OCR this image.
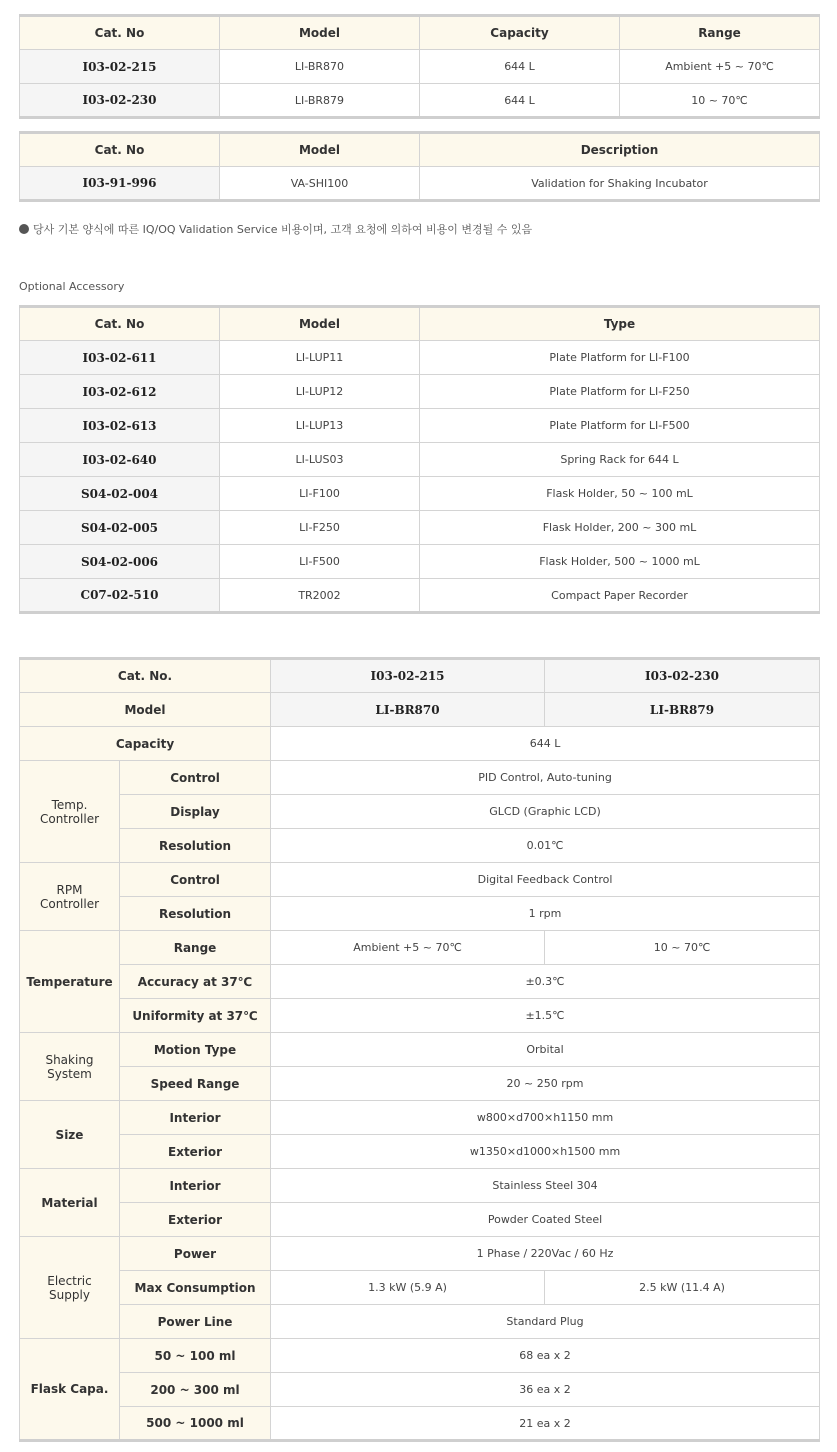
Cat. No	Model	Capacity	Range
I03-02-215	LI-BR870	644 L	Ambient +5 ~ 70℃
I03-02-230	LI-BR879	644 L	10 ~ 70℃
Cat. No	Model	Description
I03-91-996	VA-SHI100	Validation for Shaking Incubator
당사 기본 양식에 따른 IQ/OQ Validation Service 비용이며, 고객 요청에 의하여 비용이 변경될 수 있음
Optional Accessory
Cat. No	Model	Type
I03-02-611	LI-LUP11	Plate Platform for LI-F100
I03-02-612	LI-LUP12	Plate Platform for LI-F250
I03-02-613	LI-LUP13	Plate Platform for LI-F500
I03-02-640	LI-LUS03	Spring Rack for 644 L
S04-02-004	LI-F100	Flask Holder, 50 ~ 100 mL
S04-02-005	LI-F250	Flask Holder, 200 ~ 300 mL
S04-02-006	LI-F500	Flask Holder, 500 ~ 1000 mL
C07-02-510	TR2002	Compact Paper Recorder
Cat. No.		I03-02-215	I03-02-230
Model		LI-BR870	LI-BR879
Capacity		644 L	
Temp.
Controller	Control	PID Control, Auto-tuning	
	Display	GLCD (Graphic LCD)	
	Resolution	0.01℃	
RPM
Controller	Control	Digital Feedback Control	
	Resolution	1 rpm	
Temperature	Range	Ambient +5 ~ 70℃	10 ~ 70℃
	Accuracy at 37℃	±0.3℃	
	Uniformity at 37℃	±1.5℃	
Shaking
System	Motion Type	Orbital	
	Speed Range	20 ~ 250 rpm	
Size	Interior	w800×d700×h1150 mm	
	Exterior	w1350×d1000×h1500 mm	
Material	Interior	Stainless Steel 304	
	Exterior	Powder Coated Steel	
Electric
Supply	Power	1 Phase / 220Vac / 60 Hz	
	Max Consumption	1.3 kW (5.9 A)	2.5 kW (11.4 A)
	Power Line	Standard Plug	
Flask Capa.	50 ~ 100 ml	68 ea x 2	
	200 ~ 300 ml	36 ea x 2	
	500 ~ 1000 ml	21 ea x 2	
